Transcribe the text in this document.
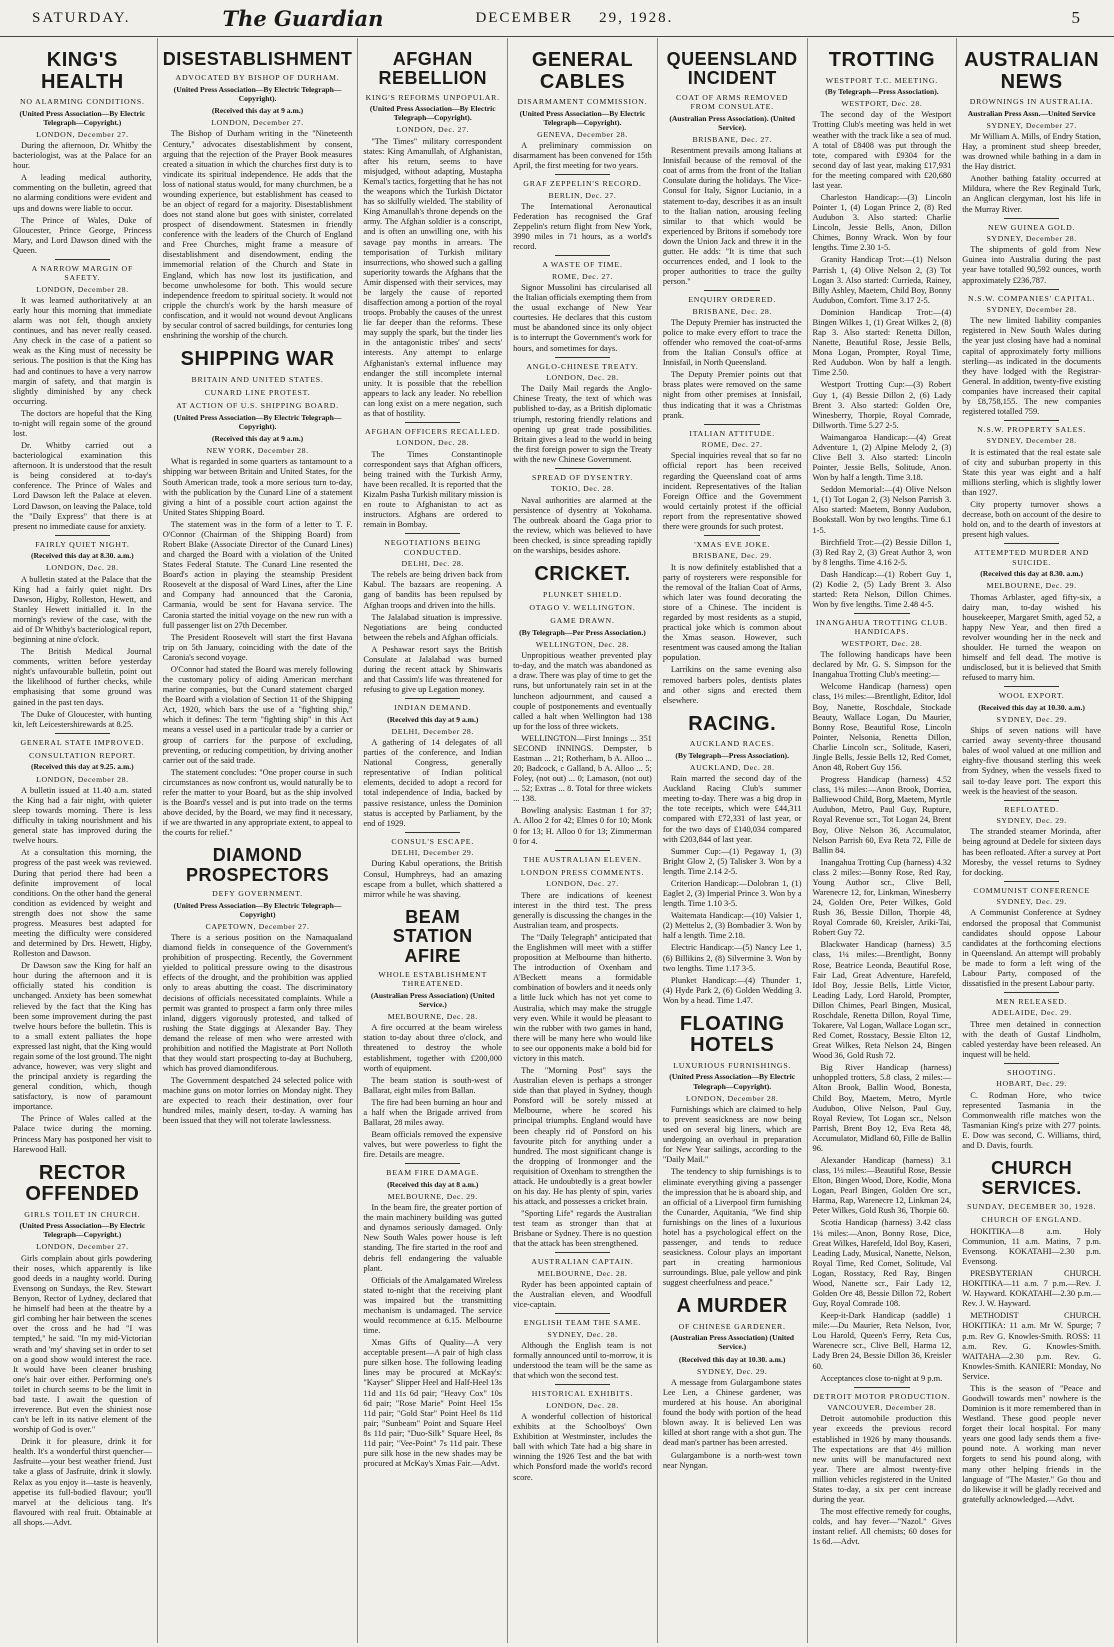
SATURDAY.	The Guardian	DECEMBER 29, 1928.	5
KING'S HEALTH
NO ALARMING CONDITIONS.
(United Press Association—By Electric Telegraph—Copyright.)
LONDON, December 27.

During the afternoon, Dr. Whitby the bacteriologist, was at the Palace for an hour.

A leading medical authority, commenting on the bulletin, agreed that no alarming conditions were evident and ups and downs were liable to occur.

The Prince of Wales, Duke of Gloucester, Prince George, Princess Mary, and Lord Dawson dined with the Queen.

A NARROW MARGIN OF SAFETY.
LONDON, December 28.

It was learned authoritatively at an early hour this morning that immediate alarm was not felt, though anxiety continues, and has never really ceased. Any check in the case of a patient so weak as the King must of necessity be serious. The position is that the King has had and continues to have a very narrow margin of safety, and that margin is slightly diminished by any check occurring.

The doctors are hopeful that the King to-night will regain some of the ground lost.

Dr. Whitby carried out a bacteriological examination this afternoon. It is understood that the result is being considered at to-day's conference. The Prince of Wales and Lord Dawson left the Palace at eleven. Lord Dawson, on leaving the Palace, told the "Daily Express" that there is at present no immediate cause for anxiety.

FAIRLY QUIET NIGHT.
(Received this day at 8.30. a.m.)
LONDON, Dec. 28.

A bulletin stated at the Palace that the King had a fairly quiet night. Drs Dawson, Higby, Rolleston, Hewett, and Stanley Hewett initialled it. In the morning's review of the case, with the aid of Dr Whitby's bacteriological report, beginning at nine o'clock.

The British Medical Journal comments, written before yesterday night's unfavourable bulletin, point out the likelihood of further checks, while emphasising that some ground was gained in the past ten days.

The Duke of Gloucester, with hunting kit, left Leicestershirewards at 8.25.

GENERAL STATE IMPROVED.
CONSULTATION REPORT.
(Received this day at 9.25. a.m.)
LONDON, December 28.

A bulletin issued at 11.40 a.m. stated the King had a fair night, with quieter sleep towards morning. There is less difficulty in taking nourishment and his general state has improved during the twelve hours.

At a consultation this morning, the progress of the past week was reviewed. During that period there had been a definite improvement of local conditions. On the other hand the general condition as evidenced by weight and strength does not show the same progress. Measures best adapted for meeting the difficulty were considered and determined by Drs. Hewett, Higby, Rolleston and Dawson.

Dr Dawson saw the King for half an hour during the afternoon and it is officially stated his condition is unchanged. Anxiety has been somewhat relieved by the fact that the King has been some improvement during the past twelve hours before the bulletin. This is to a small extent palliates the hope expressed last night, that the King would regain some of the lost ground. The night advance, however, was very slight and the principal anxiety is regarding the general condition, which, though satisfactory, is now of paramount importance.

The Prince of Wales called at the Palace twice during the morning. Princess Mary has postponed her visit to Harewood Hall.

RECTOR OFFENDED
GIRLS TOILET IN CHURCH.
(United Press Association—By Electric Telegraph—Copyright.)
LONDON, December 27.

Girls complain about girls powdering their noses, which apparently is like good deeds in a naughty world. During Evensong on Sundays, the Rev. Stewart Benyon, Rector of Lydney, declared that he himself had been at the theatre by a girl combing her hair between the scenes over the cross and he had "I was tempted," he said. "In my mid-Victorian wrath and 'my' shaving set in order to set on a good show would interest the race. It would have been cleaner brushing one's hair over either. Performing one's toilet in church seems to be the limit in bad taste. I await the question of irreverence. But even the shiniest nose can't be left in its native element of the worship of God is over."

Drink it for pleasure, drink it for health. It's a wonderful thirst quencher—Jasfruite—your best weather friend. Just take a glass of Jasfruite, drink it slowly. Relax as you enjoy it—taste is heavenly, appetise its full-bodied flavour; you'll marvel at the delicious tang. It's flavoured with real fruit. Obtainable at all shops.—Advt.

DISESTABLISHMENT
ADVOCATED BY BISHOP OF DURHAM.
(United Press Association—By Electric Telegraph—Copyright).
(Received this day at 9 a.m.)
LONDON, December 27.

The Bishop of Durham writing in the "Nineteenth Century," advocates disestablishment by consent, arguing that the rejection of the Prayer Book measures created a situation in which the churches first duty is to vindicate its spiritual independence. He adds that the loss of national status would, for many churchmen, be a wounding experience, but establishment has ceased to be an object of regard for a majority. Disestablishment does not stand alone but goes with sinister, correlated prospect of disendowment. Statesmen in friendly conference with the leaders of the Church of England and Free Churches, might frame a measure of disestablishment and disendowment, ending the immemorial relation of the Church and State in England, which has now lost its justification, and become unwholesome for both. This would secure independence freedom to spiritual society. It would not cripple the church's work by the harsh measure of confiscation, and it would not wound devout Anglicans by secular control of sacred buildings, for centuries long enshrining the worship of the church.

SHIPPING WAR
BRITAIN AND UNITED STATES.
CUNARD LINE PROTEST.
AT ACTION OF U.S. SHIPPING BOARD.
(United Press Association—By Electric Telegraph—Copyright).
(Received this day at 9 a.m.)
NEW YORK, December 28.

What is regarded in some quarters as tantamount to a shipping war between Britain and United States, for the South American trade, took a more serious turn to-day, with the publication by the Cunard Line of a statement giving a hint of a possible court action against the United States Shipping Board.

The statement was in the form of a letter to T. F. O'Connor (Chairman of the Shipping Board) from Robert Blake (Associate Director of the Cunard Lines) and charged the Board with a violation of the United States Federal Statute. The Cunard Line resented the Board's action in playing the steamship President Roosevelt at the disposal of Ward Lines, after the Line and Company had announced that the Caronia, Carmania, would be sent for Havana service. The Caronia started the initial voyage on the new run with a full passenger list on 27th December.

The President Roosevelt will start the first Havana trip on 5th January, coinciding with the date of the Caronia's second voyage.

O'Connor had stated the Board was merely following the customary policy of aiding American merchant marine companies, but the Cunard statement charged the Board with a violation of Section 11 of the Shipping Act, 1920, which bars the use of a "fighting ship," which it defines: The term "fighting ship" in this Act means a vessel used in a particular trade by a carrier or group of carriers for the purpose of excluding, preventing, or reducing competition, by driving another carrier out of the said trade.

The statement concludes: "One proper course in such circumstances as now confront us, would naturally be to refer the matter to your Board, but as the ship involved is the Board's vessel and is put into trade on the terms above decided, by the Board, we may find it necessary, if we are thwarted in any appropriate extent, to appeal to the courts for relief."

DIAMOND PROSPECTORS
DEFY GOVERNMENT.
(United Press Association—By Electric Telegraph—Copyright)
CAPETOWN, December 27.

There is a serious position on the Namaqualand diamond fields in consequence of the Government's prohibition of prospecting. Recently, the Government yielded to political pressure owing to the disastrous effects of the drought, and the prohibition was applied only to areas abutting the coast. The discriminatory decisions of officials necessitated complaints. While a permit was granted to prospect a farm only three miles inland, diggers vigorously protested, and talked of rushing the State diggings at Alexander Bay. They demand the release of men who were arrested with prohibition and notified the Magistrate at Port Nolloth that they would start prospecting to-day at Buchuberg, which has proved diamondiferous.

The Government despatched 24 selected police with machine guns on motor lorries on Monday night. They are expected to reach their destination, over four hundred miles, mainly desert, to-day. A warning has been issued that they will not tolerate lawlessness.

AFGHAN REBELLION
KING'S REFORMS UNPOPULAR.
(United Press Association—By Electric Telegraph—Copyright).
LONDON, Dec. 27.

"The Times" military correspondent states: King Amanullah, of Afghanistan, after his return, seems to have misjudged, without adapting, Mustapha Kemal's tactics, forgetting that he has not the weapons which the Turkish Dictator has so skilfully wielded. The stability of King Amanullah's throne depends on the army. The Afghan soldier is a conscript, and is often an unwilling one, with his savage pay months in arrears. The temporisation of Turkish military insurrections, who showed such a galling superiority towards the Afghans that the Amir dispensed with their services, may be largely the cause of reported disaffection among a portion of the royal troops. Probably the causes of the unrest lie far deeper than the reforms. These may supply the spark, but the tinder lies in the antagonistic tribes' and sects' interests. Any attempt to enlarge Afghanistan's external influence may endanger the still incomplete internal unity. It is possible that the rebellion appears to lack any leader. No rebellion can long exist on a mere negation, such as that of hostility.

AFGHAN OFFICERS RECALLED.
LONDON, Dec. 28.

The Times Constantinople correspondent says that Afghan officers, being trained with the Turkish Army, have been recalled. It is reported that the Kizalm Pasha Turkish military mission is en route to Afghanistan to act as instructors. Afghans are ordered to remain in Bombay.

NEGOTIATIONS BEING CONDUCTED.
DELHI, Dec. 28.

The rebels are being driven back from Kabul. The bazaars are reopening. A gang of bandits has been repulsed by Afghan troops and driven into the hills.

The Jalalabad situation is impressive. Negotiations are being conducted between the rebels and Afghan officials.

A Peshawar resort says the British Consulate at Jalalabad was burned during the recent attack by Shinwaris and that Cassim's life was threatened for refusing to give up Legation money.

INDIAN DEMAND.
(Received this day at 9 a.m.)
DELHI, December 28.

A gathering of 14 delegates of all parties of the conference, and Indian National Congress, generally representative of Indian political elements, decided to adopt a record for total independence of India, backed by passive resistance, unless the Dominion status is accepted by Parliament, by the end of 1929.

CONSUL'S ESCAPE.
DELHI, December 29.

During Kabul operations, the British Consul, Humphreys, had an amazing escape from a bullet, which shattered a mirror while he was shaving.

BEAM STATION AFIRE
WHOLE ESTABLISHMENT THREATENED.
(Australian Press Association) (United Service.)
MELBOURNE, Dec. 28.

A fire occurred at the beam wireless station to-day about three o'clock, and threatened to destroy the whole establishment, together with £200,000 worth of equipment.

The beam station is south-west of Ballarat, eight miles from Ballan.

The fire had been burning an hour and a half when the Brigade arrived from Ballarat, 28 miles away.

Beam officials removed the expensive valves, but were powerless to fight the fire. Details are meagre.

BEAM FIRE DAMAGE.
(Received this day at 8 a.m.)
MELBOURNE, Dec. 29.

In the beam fire, the greater portion of the main machinery building was gutted and dynamos seriously damaged. Only New South Wales power house is left standing. The fire started in the roof and debris fell endangering the valuable plant.

Officials of the Amalgamated Wireless stated to-night that the receiving plant was impaired but the transmitting mechanism is undamaged. The service would recommence at 6.15. Melbourne time.

Xmas Gifts of Quality—A very acceptable present—A pair of high class pure silken hose. The following leading lines may be procured at McKay's: "Kayser" Slipper Heel and Half-Heel 13s 11d and 11s 6d pair; "Heavy Cox" 10s 6d pair; "Rose Marie" Point Heel 15s 11d pair; "Gold Star" Point Heel 8s 11d pair; "Sunbeam" Point and Square Heel 8s 11d pair; "Duo-Silk" Square Heel, 8s 11d pair; "Vee-Point" 7s 11d pair. These pure silk hose in the new shades may be procured at McKay's Xmas Fair.—Advt.

GENERAL CABLES
DISARMAMENT COMMISSION.
(United Press Association—By Electric Telegraph—Copyright).
GENEVA, December 28.

A preliminary commission on disarmament has been convened for 15th April, the first meeting for two years.

GRAF ZEPPELIN'S RECORD.
BERLIN, Dec. 27.

The International Aeronautical Federation has recognised the Graf Zeppelin's return flight from New York, 3990 miles in 71 hours, as a world's record.

A WASTE OF TIME.
ROME, Dec. 27.

Signor Mussolini has circularised all the Italian officials exempting them from the usual exchange of New Year courtesies. He declares that this custom must be abandoned since its only object is to interrupt the Government's work for hours, and sometimes for days.

ANGLO-CHINESE TREATY.
LONDON, Dec. 28.

The Daily Mail regards the Anglo-Chinese Treaty, the text of which was published to-day, as a British diplomatic triumph, restoring friendly relations and opening up great trade possibilities. Britain gives a lead to the world in being the first foreign power to sign the Treaty with the new Chinese Government.

SPREAD OF DYSENTRY.
TOKIO, Dec. 28.

Naval authorities are alarmed at the persistence of dysentry at Yokohama. The outbreak aboard the Gaga prior to the review, which was believed to have been checked, is since spreading rapidly on the warships, besides ashore.

CRICKET.
PLUNKET SHIELD.
OTAGO V. WELLINGTON.
GAME DRAWN.
(By Telegraph—Per Press Association.)
WELLINGTON, Dec. 28.

Unpropitious weather prevented play to-day, and the match was abandoned as a draw. There was play of time to get the runs, but unfortunately rain set in at the luncheon adjournment, and caused a couple of postponements and eventually called a halt when Wellington had 138 up for the loss of three wickets.

WELLINGTON—First Innings ... 351 SECOND INNINGS. Dempster, b Eastman ... 21; Rotherham, b A. Alloo ... 20; Badcock, c Galland, b A. Alloo ... 5; Foley, (not out) ... 0; Lamason, (not out) ... 52; Extras ... 8. Total for three wickets ... 138.

Bowling analysis: Eastman 1 for 37; A. Alloo 2 for 42; Elmes 0 for 10; Monk 0 for 13; H. Alloo 0 for 13; Zimmerman 0 for 4.

THE AUSTRALIAN ELEVEN.
LONDON PRESS COMMENTS.
LONDON, Dec. 27.

There are indications of keenest interest in the third test. The press generally is discussing the changes in the Australian team, and prospects.

The "Daily Telegraph" anticipated that the Englishmen will meet with a stiffer proposition at Melbourne than hitherto. The introduction of Oxenham and A'Beckett means a formidable combination of bowlers and it needs only a little luck which has not yet come to Australia, which may make the struggle very even. While it would be pleasant to win the rubber with two games in hand, there will be many here who would like to see our opponents make a bold bid for victory in this match.

The "Morning Post" says the Australian eleven is perhaps a stronger side than that played in Sydney, though Ponsford will be sorely missed at Melbourne, where he scored his principal triumphs. England would have been cheaply rid of Ponsford on his favourite pitch for anything under a hundred. The most significant change is the dropping of Ironmonger and the requisition of Oxenham to strengthen the attack. He undoubtedly is a great bowler on his day. He has plenty of spin, varies his attack, and possesses a cricket brain.

"Sporting Life" regards the Australian test team as stronger than that at Brisbane or Sydney. There is no question that the attack has been strengthened.

AUSTRALIAN CAPTAIN.
MELBOURNE, Dec. 28.

Ryder has been appointed captain of the Australian eleven, and Woodfull vice-captain.

ENGLISH TEAM THE SAME.
SYDNEY, Dec. 28.

Although the English team is not formally announced until to-morrow, it is understood the team will be the same as that which won the second test.

HISTORICAL EXHIBITS.
LONDON, Dec. 28.

A wonderful collection of historical exhibits at the Schoolboys' Own Exhibition at Westminster, includes the ball with which Tate had a big share in winning the 1926 Test and the bat with which Ponsford made the world's record score.

QUEENSLAND INCIDENT
COAT OF ARMS REMOVED FROM CONSULATE.
(Australian Press Association). (United Service).
BRISBANE, Dec. 27.

Resentment prevails among Italians at Innisfail because of the removal of the coat of arms from the front of the Italian Consulate during the holidays. The Vice-Consul for Italy, Signor Lucianio, in a statement to-day, describes it as an insult to the Italian nation, arousing feeling similar to that which would be experienced by Britons if somebody tore down the Union Jack and threw it in the gutter. He adds: "It is time that such occurrences ended, and I look to the proper authorities to trace the guilty person."

ENQUIRY ORDERED.
BRISBANE, Dec. 28.

The Deputy Premier has instructed the police to make every effort to trace the offender who removed the coat-of-arms from the Italian Consul's office at Innisfail, in North Queensland.

The Deputy Premier points out that brass plates were removed on the same night from other premises at Innisfail, thus indicating that it was a Christmas prank.

ITALIAN ATTITUDE.
ROME, Dec. 27.

Special inquiries reveal that so far no official report has been received regarding the Queensland coat of arms incident. Representatives of the Italian Foreign Office and the Government would certainly protest if the official report from the representative showed there were grounds for such protest.

'XMAS EVE JOKE.
BRISBANE, Dec. 29.

It is now definitely established that a party of roysterers were responsible for the removal of the Italian Coat of Arms, which later was found decorating the store of a Chinese. The incident is regarded by most residents as a stupid, practical joke which is common about the Xmas season. However, such resentment was caused among the Italian population.

Larrikins on the same evening also removed barbers poles, dentists plates and other signs and erected them elsewhere.

RACING.
AUCKLAND RACES.
(By Telegraph—Press Association).
AUCKLAND, Dec. 28.

Rain marred the second day of the Auckland Racing Club's summer meeting to-day. There was a big drop in the tote receipts, which were £44,311 compared with £72,331 of last year, or for the two days of £140,034 compared with £203,844 of last year.

Summer Cup:—(1) Pegaway 1, (3) Bright Glow 2, (5) Talisker 3. Won by a length. Time 2.14 2-5.

Criterion Handicap:—Dolobran 1, (1) Eaglet 2, (3) Imperial Prince 3. Won by a length. Time 1.10 3-5.

Waitemata Handicap:—(10) Valsier 1, (2) Mettelus 2, (3) Bombadier 3. Won by half a length. Time 2.18.

Electric Handicap:—(5) Nancy Lee 1, (6) Billikins 2, (8) Silvermine 3. Won by two lengths. Time 1.17 3-5.

Plunket Handicap:—(4) Thunder 1, (4) Hyde Park 2, (6) Golden Wedding 3. Won by a head. Time 1.47.

FLOATING HOTELS
LUXURIOUS FURNISHINGS.
(United Press Association—By Electric Telegraph—Copyright).
LONDON, December 28.

Furnishings which are claimed to help to prevent seasickness are now being used on several big liners, which are undergoing an overhaul in preparation for New Year sailings, according to the "Daily Mail."

The tendency to ship furnishings is to eliminate everything giving a passenger the impression that he is aboard ship, and an official of a Liverpool firm furnishing the Cunarder, Aquitania, "We find ship furnishings on the lines of a luxurious hotel has a psychological effect on the passenger, and tends to reduce seasickness. Colour plays an important part in creating harmonious surroundings. Blue, pale yellow and pink suggest cheerfulness and peace."

A MURDER
OF CHINESE GARDENER.
(Australian Press Association) (United Service.)
(Received this day at 10.30. a.m.)
SYDNEY, Dec. 29.

A message from Gulargambone states Lee Len, a Chinese gardener, was murdered at his house. An aboriginal found the body with portion of the head blown away. It is believed Len was killed at short range with a shot gun. The dead man's partner has been arrested.

Gulargambone is a north-west town near Nyngan.

TROTTING
WESTPORT T.C. MEETING.
(By Telegraph—Press Association).
WESTPORT, Dec. 28.

The second day of the Westport Trotting Club's meeting was held in wet weather with the track like a sea of mud. A total of £8408 was put through the tote, compared with £9304 for the second day of last year, making £17,931 for the meeting compared with £20,680 last year.

Charleston Handicap:—(3) Lincoln Pointer 1, (4) Logan Prince 2, (8) Red Audubon 3. Also started: Charlie Lincoln, Jessie Bells, Anon, Dillon Chimes, Bonny Wrack. Won by four lengths. Time 2.30 1-5.

Granity Handicap Trot:—(1) Nelson Parrish 1, (4) Olive Nelson 2, (3) Tot Logan 3. Also started: Currieda, Rainey, Billy Ashley, Maetem, Child Boy, Bonny Audubon, Comfort. Time 3.17 2-5.

Dominion Handicap Trot:—(4) Bingen Wilkes 1, (1) Great Wilkes 2, (8) Rap 3. Also started: Renetta Dillon, Nanette, Beautiful Rose, Jessie Bells, Mona Logan, Prompter, Royal Time, Red Audubon. Won by half a length. Time 2.50.

Westport Trotting Cup:—(3) Robert Guy 1, (4) Bessie Dillon 2, (6) Lady Brent 3. Also started: Golden Ore, Winesberry, Thorpie, Royal Comrade, Dillworth. Time 5.27 2-5.

Waimangaroa Handicap:—(4) Great Adventure 1, (2) Alpine Melody 2, (3) Clive Bell 3. Also started: Lincoln Pointer, Jessie Bells, Solitude, Anon. Won by half a length. Time 3.18.

Seddon Memorial:—(4) Olive Nelson 1, (1) Tot Logan 2, (3) Nelson Parrish 3. Also started: Maetem, Bonny Audubon, Bookstall. Won by two lengths. Time 6.1 1-5.

Birchfield Trot:—(2) Bessie Dillon 1, (3) Red Ray 2, (3) Great Author 3, won by 8 lengths. Time 4.16 2-5.

Dash Handicap:—(1) Robert Guy 1, (2) Kodie 2, (5) Lady Brent 3. Also started: Reta Nelson, Dillon Chimes. Won by five lengths. Time 2.48 4-5.

INANGAHUA TROTTING CLUB. HANDICAPS.
WESTPORT, Dec. 28.

The following handicaps have been declared by Mr. G. S. Simpson for the Inangahua Trotting Club's meeting:—

Welcome Handicap (harness) open class, 1½ miles:—Brentlight, Editor, Idol Boy, Nanette, Roschdale, Stockade Beauty, Wallace Logan, Du Maurier, Bonny Rose, Beautiful Rose, Lincoln Pointer, Nelsonia, Renetta Dillon, Charlie Lincoln scr., Solitude, Kaseri, Jingle Bells, Jessie Bells 12, Red Comet, Anon 48, Robert Guy 156.

Progress Handicap (harness) 4.52 class, 1¼ miles:—Anon Brook, Dorriea, Balliewood Child, Borg, Maetem, Myrtle Audubon, Metro, Paul Guy, Rupture, Royal Revenue scr., Tot Logan 24, Brent Boy, Olive Nelson 36, Accumulator, Nelson Parrish 60, Eva Reta 72, Fille de Ballin 84.

Inangahua Trotting Cup (harness) 4.32 class 2 miles:—Bonny Rose, Red Ray, Young Author scr., Clive Bell, Warenecre 12, for, Linkman, Winesberry 24, Golden Ore, Peter Wilkes, Gold Rush 36, Bessie Dillon, Thorpie 48, Royal Comrade 60, Kreisler, Ariki-Tai, Robert Guy 72.

Blackwater Handicap (harness) 3.5 class, 1¼ miles:—Brentlight, Bonny Rose, Beatrice Leonda, Beautiful Rose, Fair Lad, Great Adventure, Harefeld, Idol Boy, Jessie Bells, Little Victor, Leading Lady, Lord Harold, Prompter, Dillon Chimes, Pearl Bingen, Musical, Roschdale, Renetta Dillon, Royal Time, Tokarere, Val Logan, Wallace Logan scr., Red Comet, Rosstacy, Bessie Elton 12, Great Wilkes, Reta Nelson 24, Bingen Wood 36, Gold Rush 72.

Big River Handicap (harness) unhoppled trotters, 5.8 class, 2 miles:—Alton Brook, Ballin Wood, Bonesta, Child Boy, Maetem, Metro, Myrtle Audubon, Olive Nelson, Paul Guy, Royal Review, Tot Logan scr., Nelson Parrish, Brent Boy 12, Eva Reta 48, Accumulator, Midland 60, Fille de Ballin 96.

Alexander Handicap (harness) 3.1 class, 1½ miles:—Beautiful Rose, Bessie Elton, Bingen Wood, Dore, Kodie, Mona Logan, Pearl Bingen, Golden Ore scr., Harma, Rap, Warenecre 12, Linkman 24, Peter Wilkes, Gold Rush 36, Thorpie 60.

Scotia Handicap (harness) 3.42 class 1¼ miles:—Anon, Bonny Rose, Dice, Great Wilkes, Harefeld, Idol Boy, Kaseri, Leading Lady, Musical, Nanette, Nelson, Royal Time, Red Comet, Solitude, Val Logan, Rosstacy, Red Ray, Bingen Wood, Nanette scr., Fair Lady 12, Golden Ore 48, Bessie Dillon 72, Robert Guy, Royal Comrade 108.

Keep-it-Dark Handicap (saddle) 1 mile:—Du Maurier, Reta Nelson, Ivor, Lou Harold, Queen's Ferry, Reta Cus, Warenecre scr., Clive Bell, Harma 12, Lady Bren 24, Bessie Dillon 36, Kreisler 60.

Acceptances close to-night at 9 p.m.

DETROIT MOTOR PRODUCTION.
VANCOUVER, December 28.

Detroit automobile production this year exceeds the previous record established in 1926 by many thousands. The expectations are that 4½ million new units will be manufactured next year. There are almost twenty-five million vehicles registered in the United States to-day, a six per cent increase during the year.

The most effective remedy for coughs, colds, and hay fever—"Nazol." Gives instant relief. All chemists; 60 doses for 1s 6d.—Advt.

AUSTRALIAN NEWS
DROWNINGS IN AUSTRALIA.
Australian Press Assn.—United Service
SYDNEY, December 27.

Mr William A. Mills, of Endry Station, Hay, a prominent stud sheep breeder, was drowned while bathing in a dam in the Hay district.

Another bathing fatality occurred at Mildura, where the Rev Reginald Turk, an Anglican clergyman, lost his life in the Murray River.

NEW GUINEA GOLD.
SYDNEY, December 28.

The shipments of gold from New Guinea into Australia during the past year have totalled 90,592 ounces, worth approximately £236,787.

N.S.W. COMPANIES' CAPITAL.
SYDNEY, December 28.

The new limited liability companies registered in New South Wales during the year just closing have had a nominal capital of approximately forty millions sterling—as indicated in the documents they have lodged with the Registrar-General. In addition, twenty-five existing companies have increased their capital by £8,758,155. The new companies registered totalled 759.

N.S.W. PROPERTY SALES.
SYDNEY, December 28.

It is estimated that the real estate sale of city and suburban property in this State this year was eight and a half millions sterling, which is slightly lower than 1927.

City property turnover shows a decrease, both on account of the desire to hold on, and to the dearth of investors at present high values.

ATTEMPTED MURDER AND SUICIDE.
(Received this day at 8.30. a.m.)
MELBOURNE, Dec. 29.

Thomas Arblaster, aged fifty-six, a dairy man, to-day wished his housekeeper, Margaret Smith, aged 52, a happy New Year, and then fired a revolver wounding her in the neck and shoulder. He turned the weapon on himself and fell dead. The motive is undisclosed, but it is believed that Smith refused to marry him.

WOOL EXPORT.
(Received this day at 10.30. a.m.)
SYDNEY, Dec. 29.

Ships of seven nations will have carried away seventy-three thousand bales of wool valued at one million and eighty-five thousand sterling this week from Sydney, when the vessels fixed to sail to-day leave port. The export this week is the heaviest of the season.

REFLOATED.
SYDNEY, Dec. 29.

The stranded steamer Morinda, after being aground at Dedele for sixteen days has been refloated. After a survey at Port Moresby, the vessel returns to Sydney for docking.

COMMUNIST CONFERENCE
SYDNEY, Dec. 29.

A Communist Conference at Sydney endorsed the proposal that Communist candidates should oppose Labour candidates at the forthcoming elections in Queensland. An attempt will probably be made to form a left wing of the Labour Party, composed of the dissatisfied in the present Labour party.

MEN RELEASED.
ADELAIDE, Dec. 29.

Three men detained in connection with the death of Gustaf Lindholm, cabled yesterday have been released. An inquest will be held.

SHOOTING.
HOBART, Dec. 29.

C. Rodman Hore, who twice represented Tasmania in the Commonwealth rifle matches won the Tasmanian King's prize with 277 points. E. Dow was second, C. Williams, third, and D. Davis, fourth.

CHURCH SERVICES.
SUNDAY, DECEMBER 30, 1928.
CHURCH OF ENGLAND.

HOKITIKA—8 a.m. Holy Communion, 11 a.m. Matins, 7 p.m. Evensong. KOKATAHI—2.30 p.m. Evensong.

PRESBYTERIAN CHURCH. HOKITIKA—11 a.m. 7 p.m.—Rev. J. W. Hayward. KOKATAHI—2.30 p.m.—Rev. J. W. Hayward.

METHODIST CHURCH. HOKITIKA: 11 a.m. Mr W. Spurge; 7 p.m. Rev G. Knowles-Smith. ROSS: 11 a.m. Rev. G. Knowles-Smith. WAITAHA—2.30 p.m. Rev. G. Knowles-Smith. KANIERI: Monday, No Service.

This is the season of "Peace and Goodwill towards men" nowhere is the Dominion is it more remembered than in Westland. These good people never forget their local hospital. For many years one good lady sends them a five-pound note. A working man never forgets to send his pound along, with many other helping friends in the language of "The Master." Go thou and do likewise it will be gladly received and gratefully acknowledged.—Advt.
